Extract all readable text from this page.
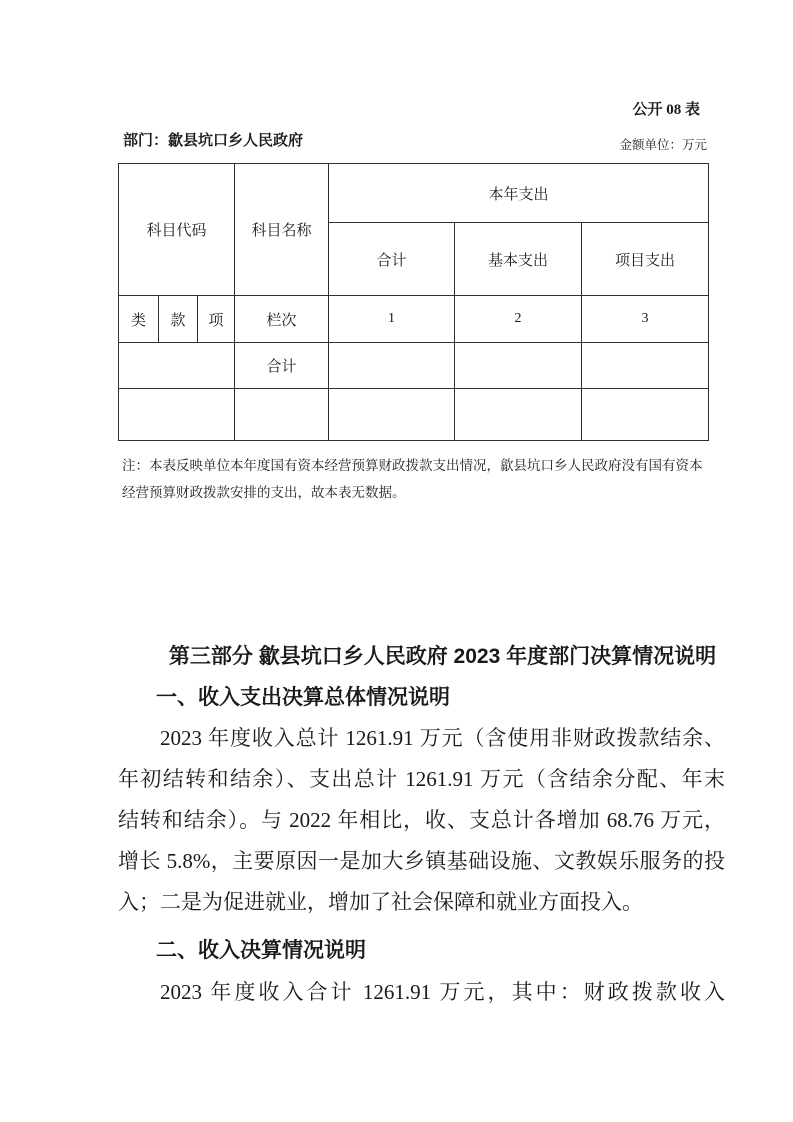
公开 08 表
部门：歙县坑口乡人民政府	金额单位：万元
科目代码			科目名称	本年支出		
				合计	基本支出	项目支出
类	款	项	栏次	1	2	3
			合计			

注：本表反映单位本年度国有资本经营预算财政拨款支出情况，歙县坑口乡人民政府没有国有资本
经营预算财政拨款安排的支出，故本表无数据。
第三部分 歙县坑口乡人民政府 2023 年度部门决算情况说明
一、收入支出决算总体情况说明
2023 年度收入总计 1261.91 万元（含使用非财政拨款结余、
年初结转和结余）、支出总计 1261.91 万元（含结余分配、年末
结转和结余）。与 2022 年相比，收、支总计各增加 68.76 万元，
增长 5.8%，主要原因一是加大乡镇基础设施、文教娱乐服务的投
入；二是为促进就业，增加了社会保障和就业方面投入。
二、收入决算情况说明
2023 年度收入合计 1261.91 万元，其中：财政拨款收入
